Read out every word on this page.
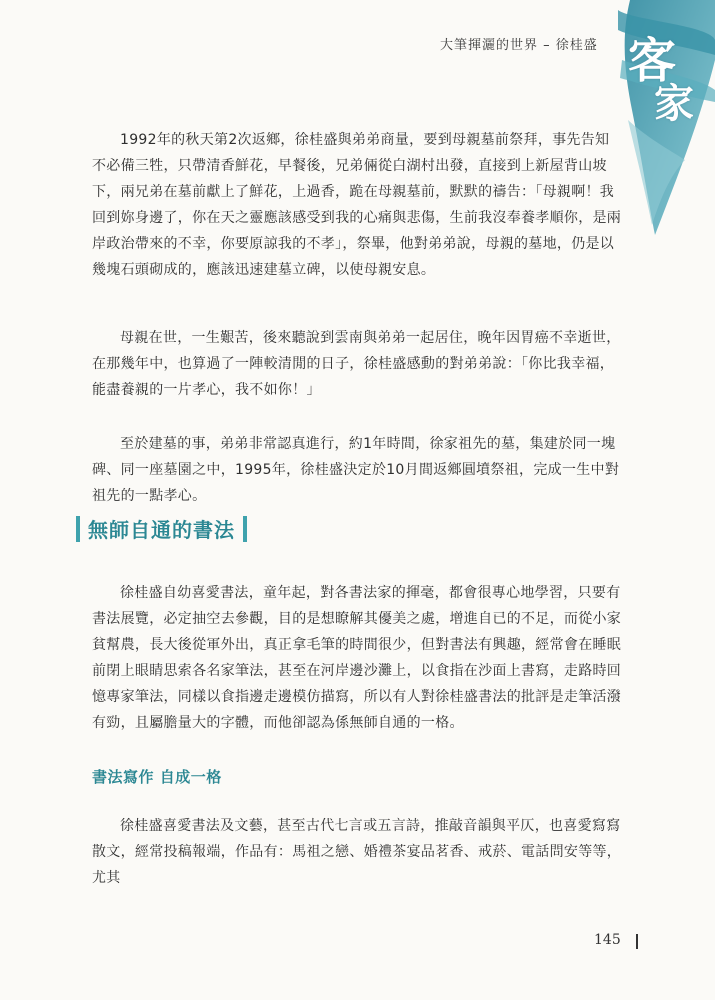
客
家
大筆揮灑的世界 – 徐桂盛

1992年的秋天第2次返鄉，徐桂盛與弟弟商量，要到母親墓前祭拜，事先告知不必備三牲，只帶清香鮮花，早餐後，兄弟倆從白湖村出發，直接到上新屋背山坡下，兩兄弟在墓前獻上了鮮花，上過香，跪在母親墓前，默默的禱告：「母親啊！我回到妳身邊了，你在天之靈應該感受到我的心痛與悲傷，生前我沒奉養孝順你，是兩岸政治帶來的不幸，你要原諒我的不孝」，祭畢，他對弟弟說，母親的墓地，仍是以幾塊石頭砌成的，應該迅速建墓立碑，以使母親安息。

母親在世，一生艱苦，後來聽說到雲南與弟弟一起居住，晚年因胃癌不幸逝世，在那幾年中，也算過了一陣較清閒的日子，徐桂盛感動的對弟弟說：「你比我幸福，能盡養親的一片孝心，我不如你！」

至於建墓的事，弟弟非常認真進行，約1年時間，徐家祖先的墓，集建於同一塊碑、同一座墓園之中，1995年，徐桂盛決定於10月間返鄉圓墳祭祖，完成一生中對祖先的一點孝心。

無師自通的書法

徐桂盛自幼喜愛書法，童年起，對各書法家的揮毫，都會很專心地學習，只要有書法展覽，必定抽空去參觀，目的是想瞭解其優美之處，增進自已的不足，而從小家貧幫農，長大後從軍外出，真正拿毛筆的時間很少，但對書法有興趣，經常會在睡眠前閉上眼睛思索各名家筆法，甚至在河岸邊沙灘上，以食指在沙面上書寫，走路時回憶專家筆法，同樣以食指邊走邊模仿描寫，所以有人對徐桂盛書法的批評是走筆活潑有勁，且屬膽量大的字體，而他卻認為係無師自通的一格。

書法寫作 自成一格

徐桂盛喜愛書法及文藝，甚至古代七言或五言詩，推敲音韻與平仄，也喜愛寫寫散文，經常投稿報端，作品有：馬祖之戀、婚禮茶宴品茗香、戒菸、電話問安等等，尤其

145
